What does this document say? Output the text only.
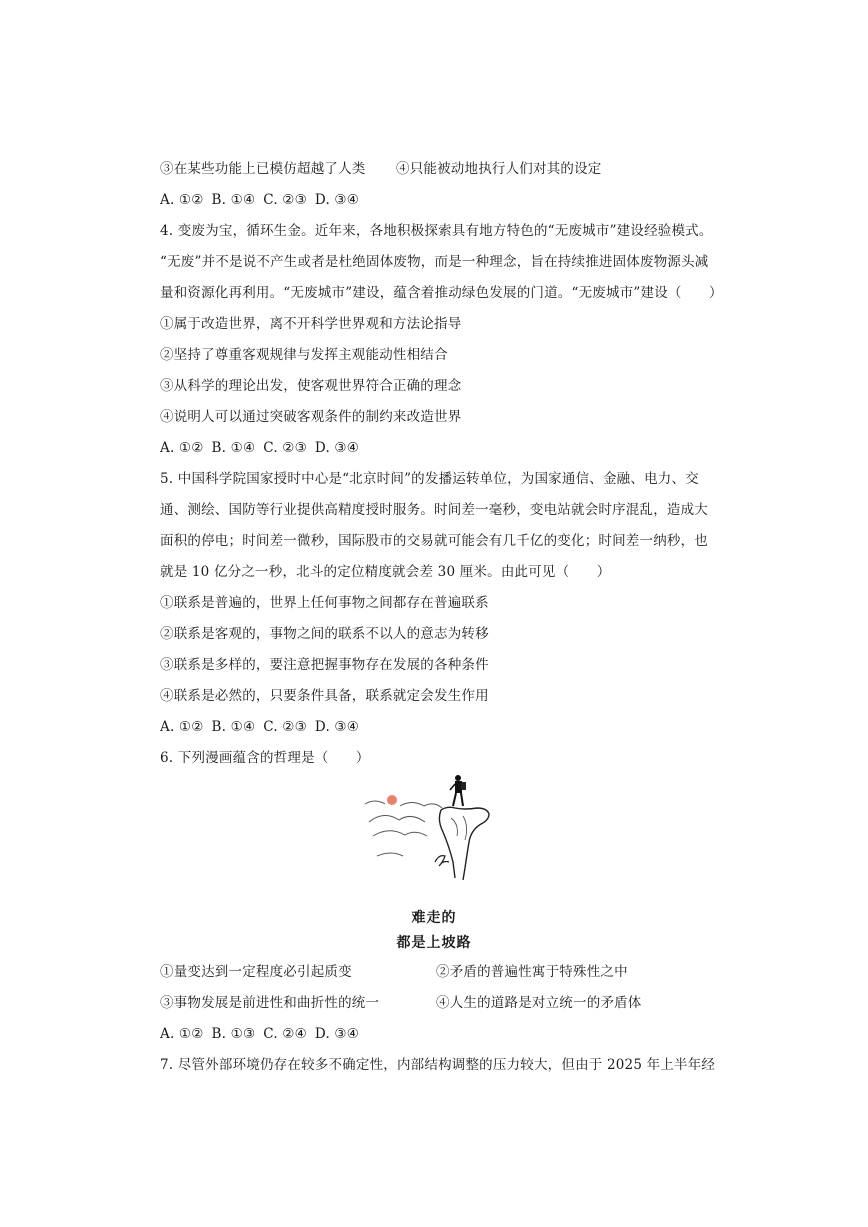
③在某些功能上已模仿超越了人类 ④只能被动地执行人们对其的设定
A. ①② B. ①④ C. ②③ D. ③④
4. 变废为宝，循环生金。近年来，各地积极探索具有地方特色的“无废城市”建设经验模式。
“无废”并不是说不产生或者是杜绝固体废物，而是一种理念，旨在持续推进固体废物源头减
量和资源化再利用。“无废城市”建设，蕴含着推动绿色发展的门道。“无废城市”建设（　　）
①属于改造世界，离不开科学世界观和方法论指导
②坚持了尊重客观规律与发挥主观能动性相结合
③从科学的理论出发，使客观世界符合正确的理念
④说明人可以通过突破客观条件的制约来改造世界
A. ①② B. ①④ C. ②③ D. ③④
5. 中国科学院国家授时中心是“北京时间”的发播运转单位，为国家通信、金融、电力、交
通、测绘、国防等行业提供高精度授时服务。时间差一毫秒，变电站就会时序混乱，造成大
面积的停电；时间差一微秒，国际股市的交易就可能会有几千亿的变化；时间差一纳秒，也
就是 10 亿分之一秒，北斗的定位精度就会差 30 厘米。由此可见（　　）
①联系是普遍的，世界上任何事物之间都存在普遍联系
②联系是客观的，事物之间的联系不以人的意志为转移
③联系是多样的，要注意把握事物存在发展的各种条件
④联系是必然的，只要条件具备，联系就定会发生作用
A. ①② B. ①④ C. ②③ D. ③④
6. 下列漫画蕴含的哲理是（　　）
难走的
都是上坡路
①量变达到一定程度必引起质变	②矛盾的普遍性寓于特殊性之中
③事物发展是前进性和曲折性的统一	④人生的道路是对立统一的矛盾体
A. ①② B. ①③ C. ②④ D. ③④
7. 尽管外部环境仍存在较多不确定性，内部结构调整的压力较大，但由于 2025 年上半年经
